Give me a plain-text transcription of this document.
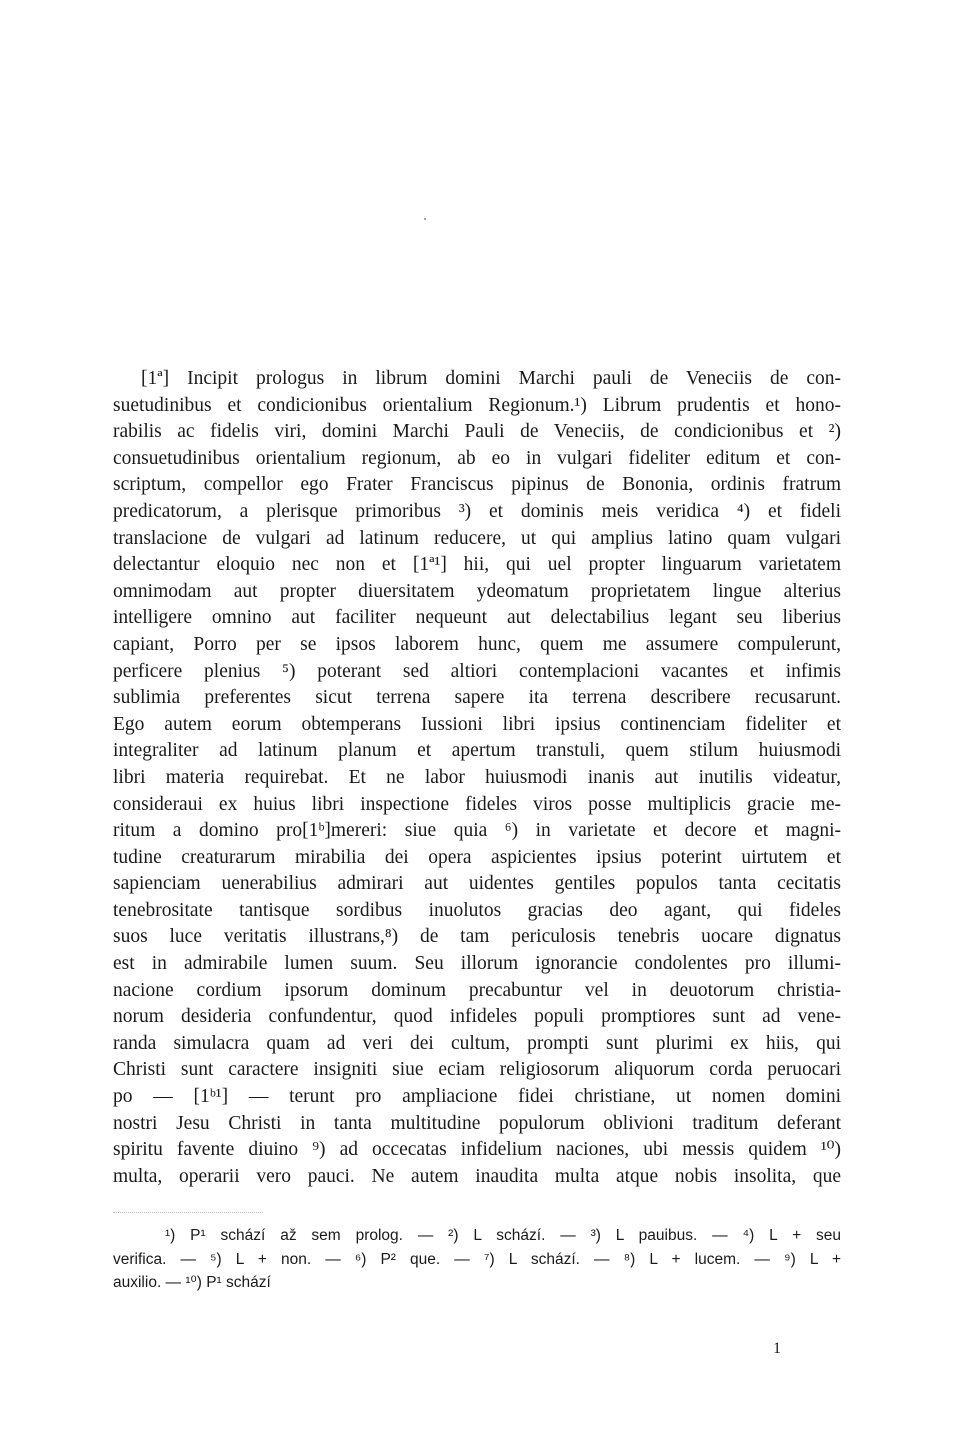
[1ª] Incipit prologus in librum domini Marchi pauli de Veneciis de con-
suetudinibus et condicionibus orientalium Regionum.¹) Librum prudentis et hono-
rabilis ac fidelis viri, domini Marchi Pauli de Veneciis, de condicionibus et ²)
consuetudinibus orientalium regionum, ab eo in vulgari fideliter editum et con-
scriptum, compellor ego Frater Franciscus pipinus de Bononia, ordinis fratrum
predicatorum, a plerisque primoribus ³) et dominis meis veridica ⁴) et fideli
translacione de vulgari ad latinum reducere, ut qui amplius latino quam vulgari
delectantur eloquio nec non et [1ª¹] hii, qui uel propter linguarum varietatem
omnimodam aut propter diuersitatem ydeomatum proprietatem lingue alterius
intelligere omnino aut faciliter nequeunt aut delectabilius legant seu liberius
capiant, Porro per se ipsos laborem hunc, quem me assumere compulerunt,
perficere plenius ⁵) poterant sed altiori contemplacioni vacantes et infimis
sublimia preferentes sicut terrena sapere ita terrena describere recusarunt.
Ego autem eorum obtemperans Iussioni libri ipsius continenciam fideliter et
integraliter ad latinum planum et apertum transtuli, quem stilum huiusmodi
libri materia requirebat. Et ne labor huiusmodi inanis aut inutilis videatur,
consideraui ex huius libri inspectione fideles viros posse multiplicis gracie me-
ritum a domino pro[1ᵇ]mereri: siue quia ⁶) in varietate et decore et magni-
tudine creaturarum mirabilia dei opera aspicientes ipsius poterint uirtutem et
sapienciam uenerabilius admirari aut uidentes gentiles populos tanta cecitatis
tenebrositate tantisque sordibus inuolutos gracias deo agant, qui fideles
suos luce veritatis illustrans,⁸) de tam periculosis tenebris uocare dignatus
est in admirabile lumen suum. Seu illorum ignorancie condolentes pro illumi-
nacione cordium ipsorum dominum precabuntur vel in deuotorum christia-
norum desideria confundentur, quod infideles populi promptiores sunt ad vene-
randa simulacra quam ad veri dei cultum, prompti sunt plurimi ex hiis, qui
Christi sunt caractere insigniti siue eciam religiosorum aliquorum corda peruocari
po — [1ᵇ¹] — terunt pro ampliacione fidei christiane, ut nomen domini
nostri Jesu Christi in tanta multitudine populorum oblivioni traditum deferant
spiritu favente diuino ⁹) ad occecatas infidelium naciones, ubi messis quidem ¹⁰)
multa, operarii vero pauci. Ne autem inaudita multa atque nobis insolita, que
¹) P¹ schází až sem prolog. — ²) L schází. — ³) L pauibus. — ⁴) L + seu
verifica. — ⁵) L + non. — ⁶) P² que. — ⁷) L schází. — ⁸) L + lucem. — ⁹) L +
auxilio. — ¹⁰) P¹ schází
1
